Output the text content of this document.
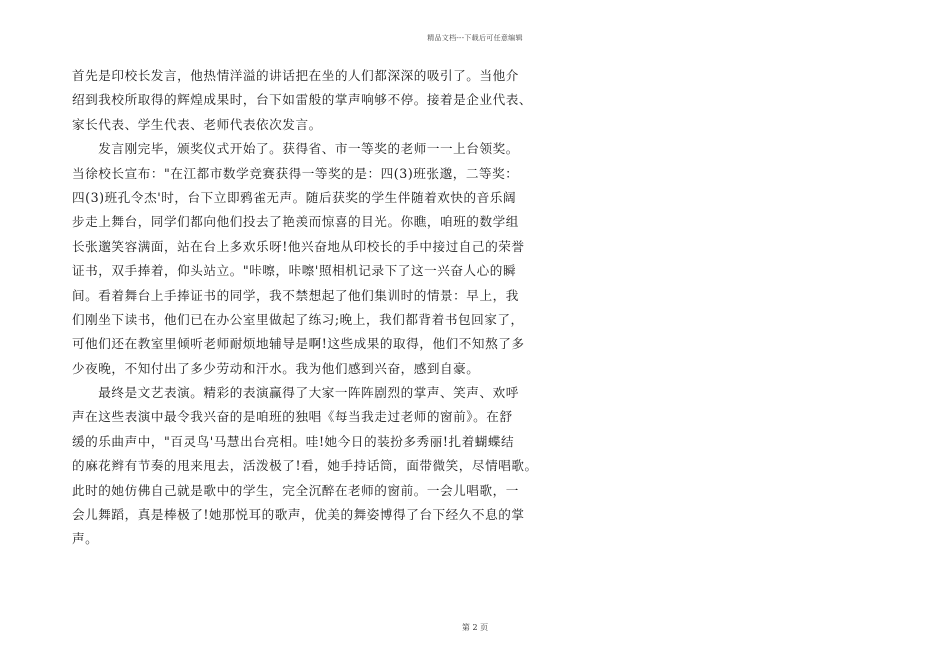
精品文档---下载后可任意编辑
首先是印校长发言，他热情洋溢的讲话把在坐的人们都深深的吸引了。当他介
绍到我校所取得的辉煌成果时，台下如雷般的掌声响够不停。接着是企业代表、
家长代表、学生代表、老师代表依次发言。
　　发言刚完毕，颁奖仪式开始了。获得省、市一等奖的老师一一上台领奖。
当徐校长宣布："在江都市数学竞赛获得一等奖的是：四(3)班张邈，二等奖：
四(3)班孔令杰'时，台下立即鸦雀无声。随后获奖的学生伴随着欢快的音乐阔
步走上舞台，同学们都向他们投去了艳羡而惊喜的目光。你瞧，咱班的数学组
长张邈笑容满面，站在台上多欢乐呀!他兴奋地从印校长的手中接过自己的荣誉
证书，双手捧着，仰头站立。"咔嚓，咔嚓'照相机记录下了这一兴奋人心的瞬
间。看着舞台上手捧证书的同学，我不禁想起了他们集训时的情景：早上，我
们刚坐下读书，他们已在办公室里做起了练习;晚上，我们都背着书包回家了，
可他们还在教室里倾听老师耐烦地辅导是啊!这些成果的取得，他们不知熬了多
少夜晚，不知付出了多少劳动和汗水。我为他们感到兴奋，感到自豪。
　　最终是文艺表演。精彩的表演赢得了大家一阵阵剧烈的掌声、笑声、欢呼
声在这些表演中最令我兴奋的是咱班的独唱《每当我走过老师的窗前》。在舒
缓的乐曲声中，"百灵鸟'马慧出台亮相。哇!她今日的装扮多秀丽!扎着蝴蝶结
的麻花辫有节奏的甩来甩去，活泼极了!看，她手持话筒，面带微笑，尽情唱歌。
此时的她仿佛自己就是歌中的学生，完全沉醉在老师的窗前。一会儿唱歌，一
会儿舞蹈，真是棒极了!她那悦耳的歌声，优美的舞姿博得了台下经久不息的掌
声。
第 2 页
